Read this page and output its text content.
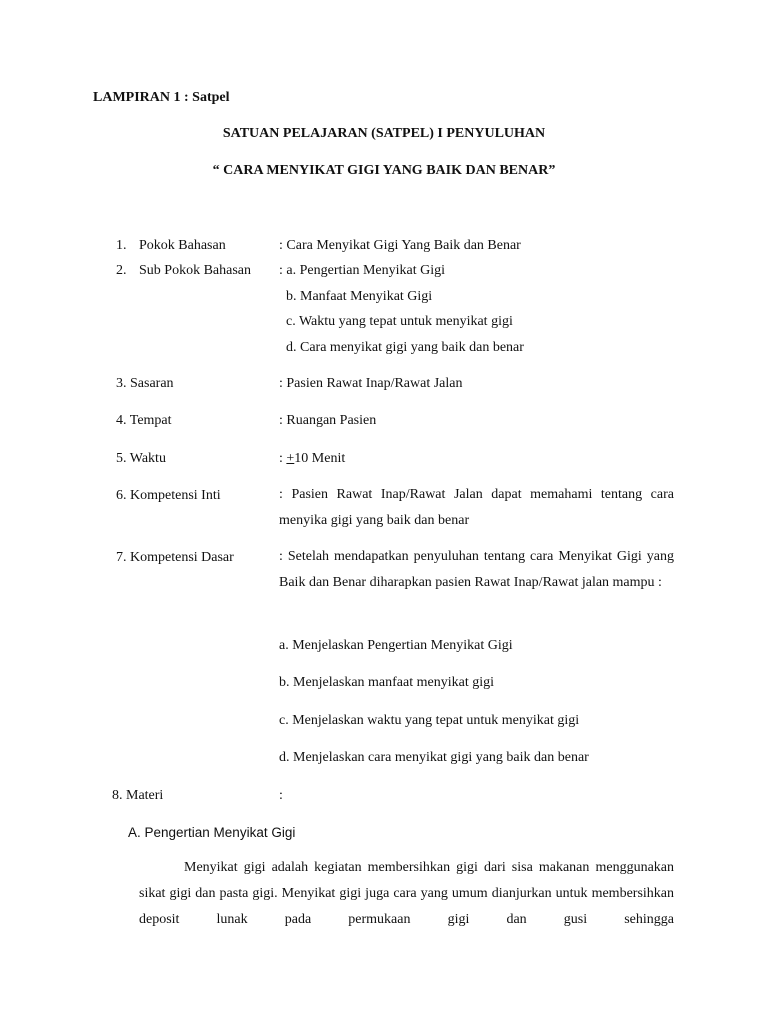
LAMPIRAN 1 : Satpel
SATUAN PELAJARAN (SATPEL) I PENYULUHAN
“ CARA MENYIKAT GIGI YANG BAIK DAN BENAR”
1. Pokok Bahasan	: Cara Menyikat Gigi Yang Baik dan Benar
2. Sub Pokok Bahasan : a. Pengertian Menyikat Gigi
b. Manfaat Menyikat Gigi
c. Waktu yang tepat untuk menyikat gigi
d. Cara menyikat gigi yang baik dan benar
3. Sasaran	: Pasien Rawat Inap/Rawat Jalan
4. Tempat	: Ruangan Pasien
5. Waktu	: +10 Menit
6. Kompetensi Inti	: Pasien Rawat Inap/Rawat Jalan dapat memahami tentang cara menyika gigi yang baik dan benar
7. Kompetensi Dasar	: Setelah mendapatkan penyuluhan tentang cara Menyikat Gigi yang Baik dan Benar diharapkan pasien Rawat Inap/Rawat jalan mampu :
a. Menjelaskan Pengertian Menyikat Gigi
b. Menjelaskan manfaat menyikat gigi
c. Menjelaskan waktu yang tepat untuk menyikat gigi
d. Menjelaskan cara menyikat gigi yang baik dan benar
8. Materi	:
A. Pengertian Menyikat Gigi
Menyikat gigi adalah kegiatan membersihkan gigi dari sisa makanan menggunakan sikat gigi dan pasta gigi. Menyikat gigi juga cara yang umum dianjurkan untuk membersihkan deposit lunak pada permukaan gigi dan gusi sehingga
